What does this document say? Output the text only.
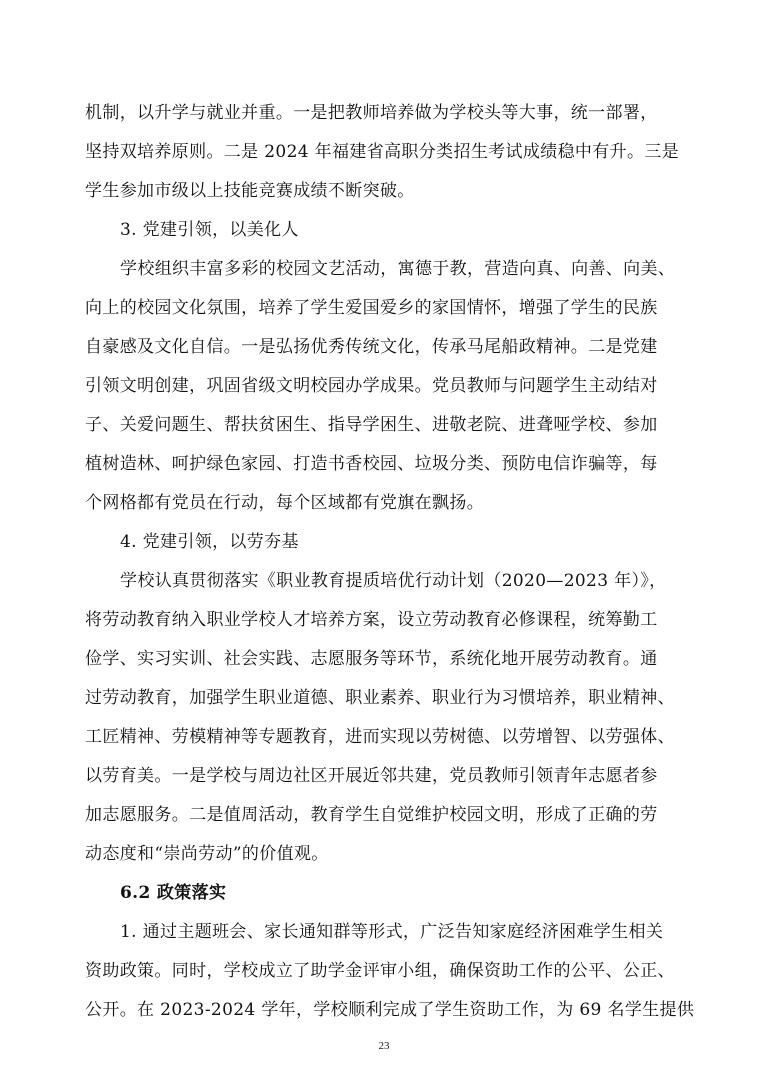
机制，以升学与就业并重。一是把教师培养做为学校头等大事，统一部署，
坚持双培养原则。二是 2024 年福建省高职分类招生考试成绩稳中有升。三是
学生参加市级以上技能竞赛成绩不断突破。
3. 党建引领，以美化人
学校组织丰富多彩的校园文艺活动，寓德于教，营造向真、向善、向美、
向上的校园文化氛围，培养了学生爱国爱乡的家国情怀，增强了学生的民族
自豪感及文化自信。一是弘扬优秀传统文化，传承马尾船政精神。二是党建
引领文明创建，巩固省级文明校园办学成果。党员教师与问题学生主动结对
子、关爱问题生、帮扶贫困生、指导学困生、进敬老院、进聋哑学校、参加
植树造林、呵护绿色家园、打造书香校园、垃圾分类、预防电信诈骗等，每
个网格都有党员在行动，每个区域都有党旗在飘扬。
4. 党建引领，以劳夯基
学校认真贯彻落实《职业教育提质培优行动计划（2020—2023 年）》，
将劳动教育纳入职业学校人才培养方案，设立劳动教育必修课程，统筹勤工
俭学、实习实训、社会实践、志愿服务等环节，系统化地开展劳动教育。通
过劳动教育，加强学生职业道德、职业素养、职业行为习惯培养，职业精神、
工匠精神、劳模精神等专题教育，进而实现以劳树德、以劳增智、以劳强体、
以劳育美。一是学校与周边社区开展近邻共建，党员教师引领青年志愿者参
加志愿服务。二是值周活动，教育学生自觉维护校园文明，形成了正确的劳
动态度和“崇尚劳动”的价值观。
6.2 政策落实
1. 通过主题班会、家长通知群等形式，广泛告知家庭经济困难学生相关
资助政策。同时，学校成立了助学金评审小组，确保资助工作的公平、公正、
公开。在 2023-2024 学年，学校顺利完成了学生资助工作，为 69 名学生提供
23
